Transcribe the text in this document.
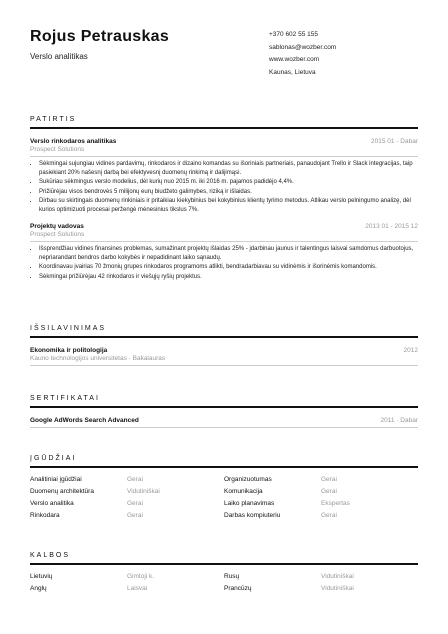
Rojus Petrauskas
Verslo analitikas
+370 602 55 155
sablonas@wozber.com
www.wozber.com
Kaunas, Lietuva
PATIRTIS
Verslo rinkodaros analitikas	2015 01 - Dabar
Prospect Solutions
• Sėkmingai sujungiau vidines pardavimų, rinkodaros ir dizaino komandas su išoriniais partneriais, panaudojant Trello ir Slack integracijas, taip pasiekiant 20% našesnį darbą bei efektyvesnį duomenų rinkimą ir dalijimąsi.
• Sukūriau sėkmingus verslo modelius, dėl kurių nuo 2015 m. iki 2016 m. pajamos padidėjo 4,4%.
• Prižiūrėjau visos bendrovės 5 milijonų eurų biudžeto galimybes, riziką ir išlaidas.
• Dirbau su skirtingais duomenų rinkiniais ir pritaikiau kiekybinius bei kokybinius klientų tyrimo metodus. Atlikau verslo pelningumo analizę, dėl kurios optimizuoti procesai peržengė mėnesinius tikslus 7%.
Projektų vadovas	2013 01 - 2015 12
Prospect Solutions
• Išsprendžiau vidines finansines problemas, sumažinant projektų išlaidas 25% - įdarbinau jaunus ir talentingus laisvai samdomus darbuotojus, nepriarandant bendros darbo kokybės ir nepadidinant laiko sąnaudų.
• Koordinavau įvairias 70 žmonių grupes rinkodaros programoms atlikti, bendradarbiavau su vidinėmis ir išorinėmis komandomis.
• Sėkmingai prižiūrėjau 42 rinkodaros ir viešųjų ryšių projektus.
IŠSILAVINIMAS
Ekonomika ir politologija	2012
Kauno technologijos universitetas · Bakalauras
SERTIFIKATAI
Google AdWords Search Advanced	2011 · Dabar
ĮGŪDŽIAI
Analitiniai įgūdžiai	Gerai	Organizuotumas	Gerai
Duomenų architektūra	Vidutiniškai	Komunikacija	Gerai
Verslo analitika	Gerai	Laiko planavimas	Ekspertas
Rinkodara	Gerai	Darbas kompiuteriu	Gerai
KALBOS
Lietuvių	Gimtoji k.	Rusų	Vidutiniškai
Anglų	Laisvai	Prancūzų	Vidutiniškai
